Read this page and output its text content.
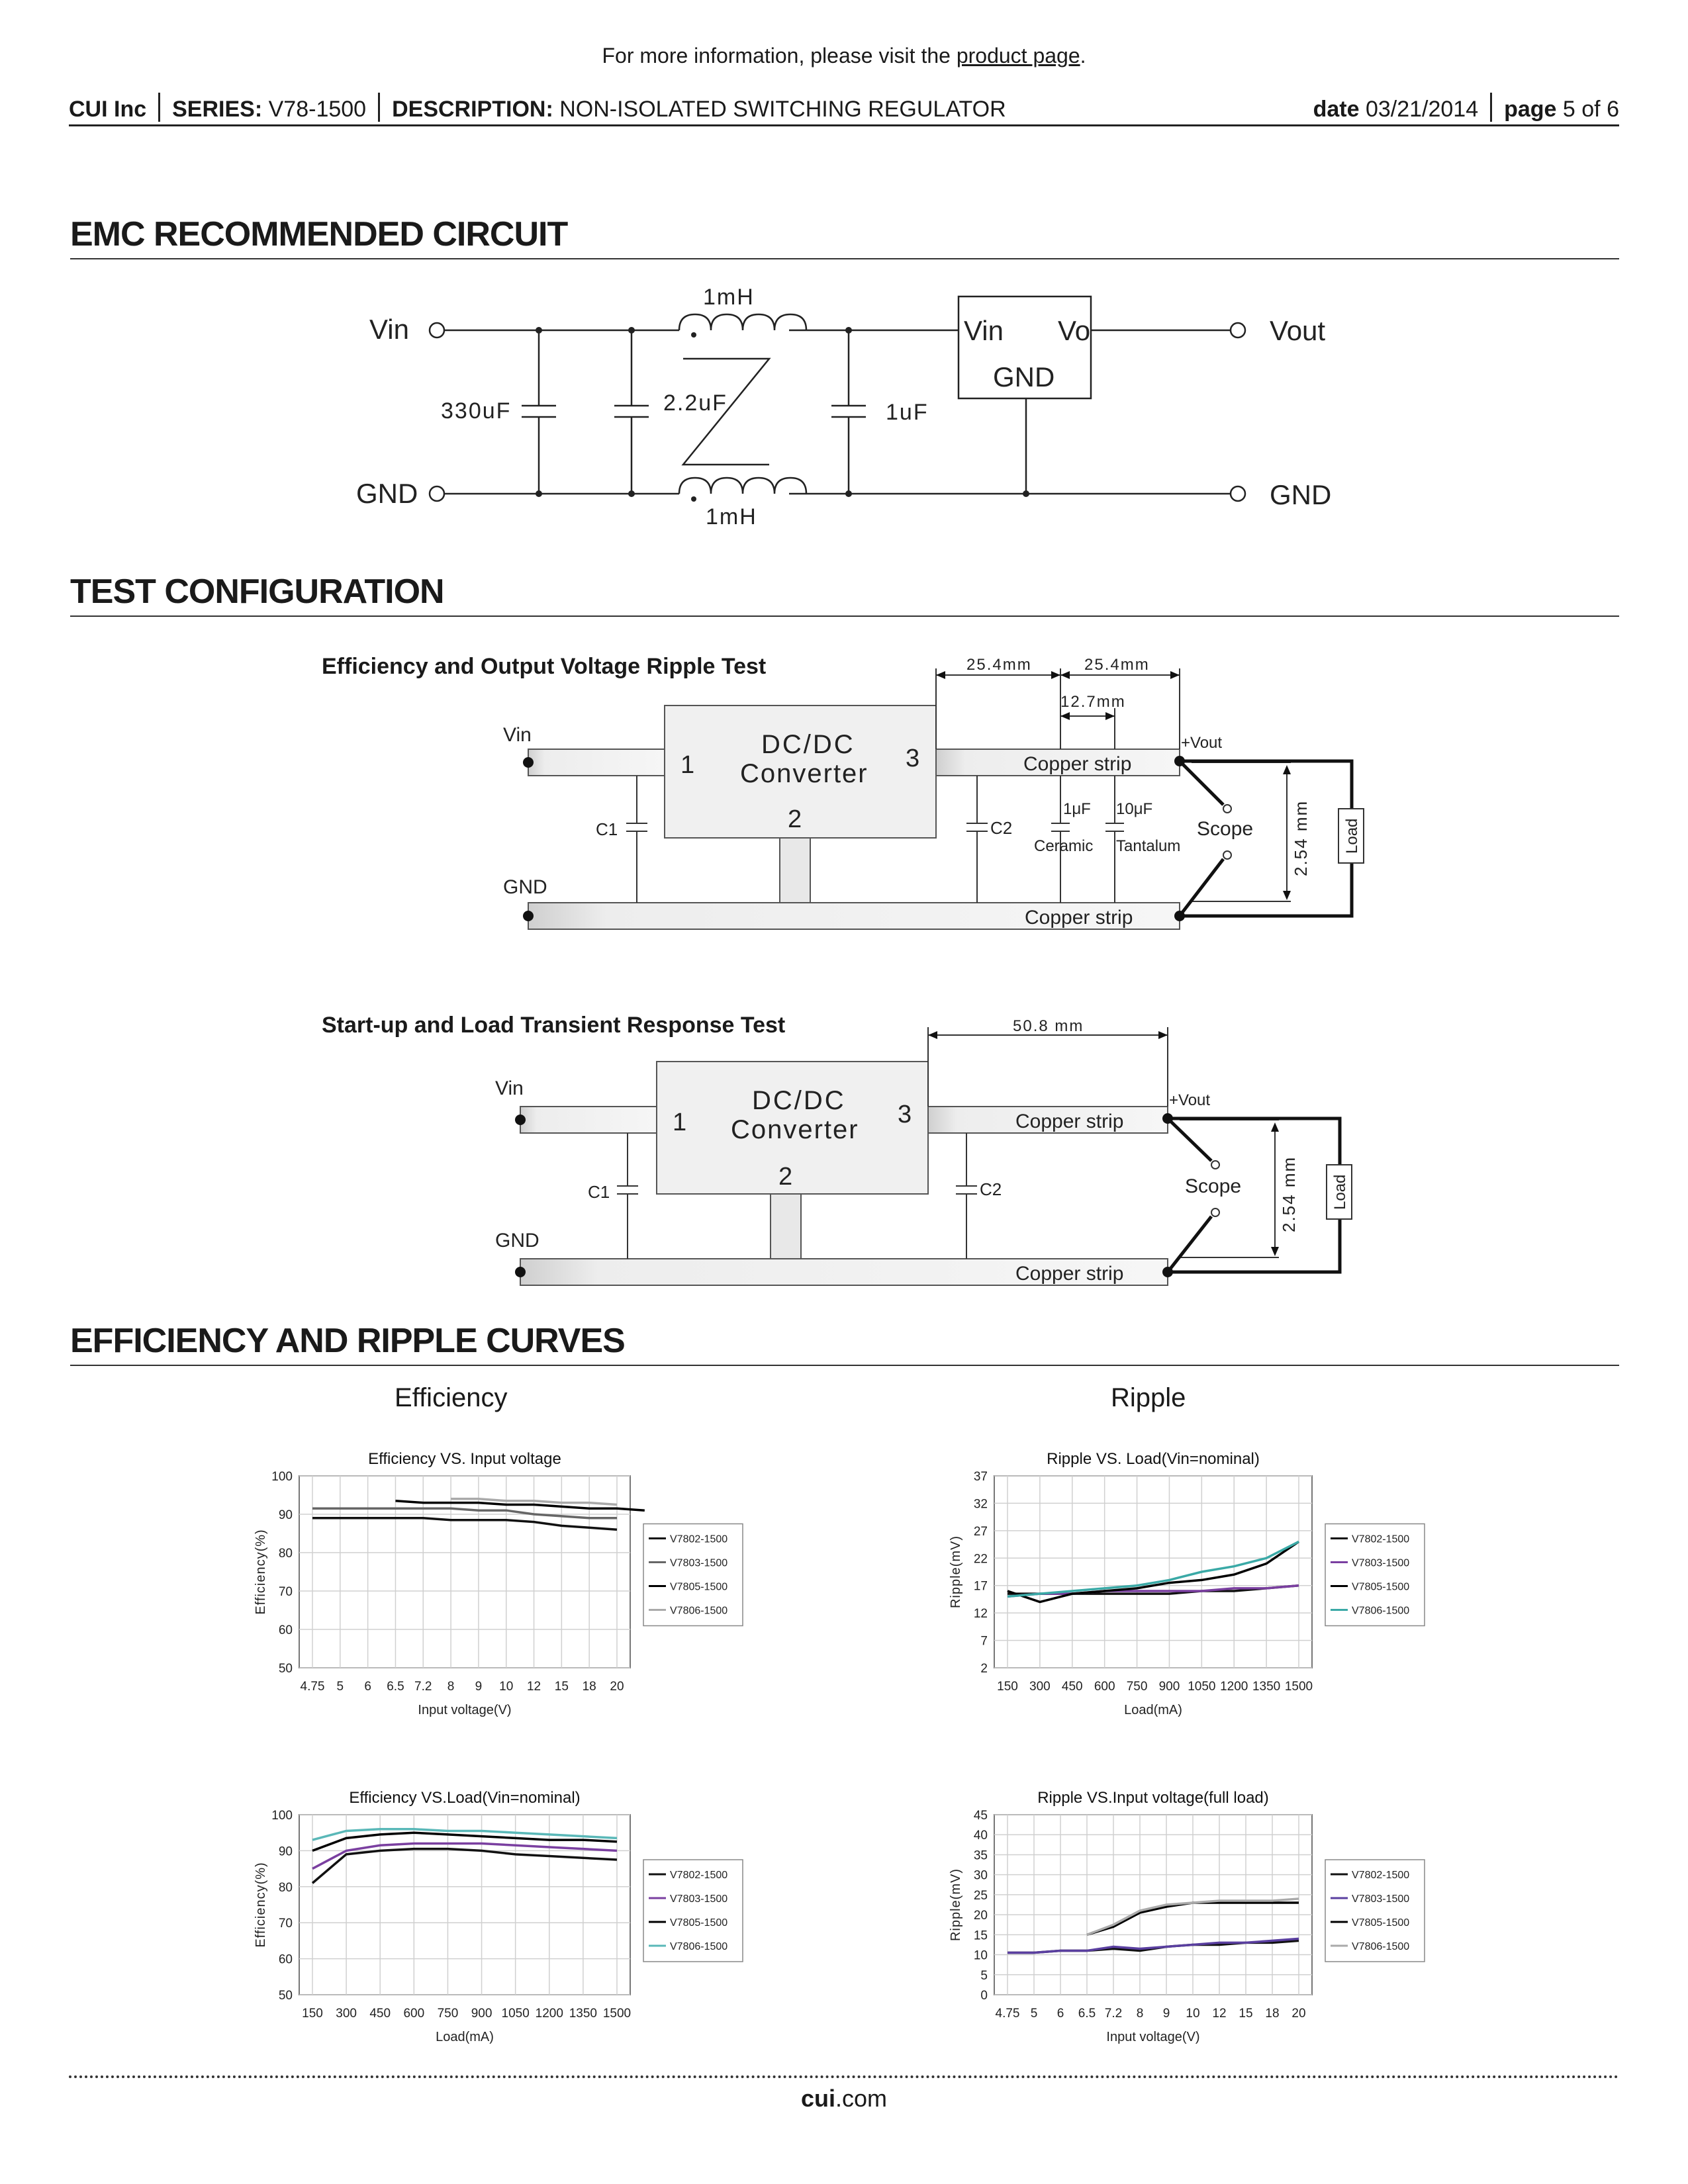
For more information, please visit the product page.
CUI Inc SERIES: V78-1500 DESCRIPTION: NON-ISOLATED SWITCHING REGULATOR	date 03/21/2014 page 5 of 6
EMC RECOMMENDED CIRCUIT
Vin
GND
Vout
GND
Vin Vo
GND
330uF	2.2uF	1uF
1mH
1mH
TEST CONFIGURATION
Efficiency and Output Voltage Ripple Test
Vin
GND
DC/DC
Converter
1	3
2
C1	C2
Copper strip
Copper strip
+Vout
1μF 10μF
Ceramic Tantalum
Scope
25.4mm	25.4mm
12.7mm
2.54 mm Load
Start-up and Load Transient Response Test
Vin
GND
DC/DC
Converter
1	3
2
C1	C2
Copper strip
Copper strip
+Vout
Scope
50.8 mm
2.54 mm Load
EFFICIENCY AND RIPPLE CURVES
Efficiency	Ripple
Efficiency VS. Input voltage
4.75 5 6 6.5 7.2 8 9 10 12 15 18 20
50
60
70
80
90
100
Input voltage(V)
Efficiency(%)	V7802-1500
V7803-1500
V7805-1500
V7806-1500
Ripple VS. Load(Vin=nominal)
150 300 450 600 750 900 1050 1200 1350 1500
2
7
12
17
22
27
32
37
Load(mA)
Ripple(mV)	V7802-1500
V7803-1500
V7805-1500
V7806-1500
Efficiency VS.Load(Vin=nominal)
150 300 450 600 750 900 1050 1200 1350 1500
50
60
70
80
90
100
Load(mA)
Efficiency(%)	V7802-1500
V7803-1500
V7805-1500
V7806-1500
Ripple VS.Input voltage(full load)
4.75 5 6 6.5 7.2 8 9 10 12 15 18 20
0
5
10
15
20
25
30
35
40
45
Input voltage(V)
Ripple(mV)	V7802-1500
V7803-1500
V7805-1500
V7806-1500
cui.com
